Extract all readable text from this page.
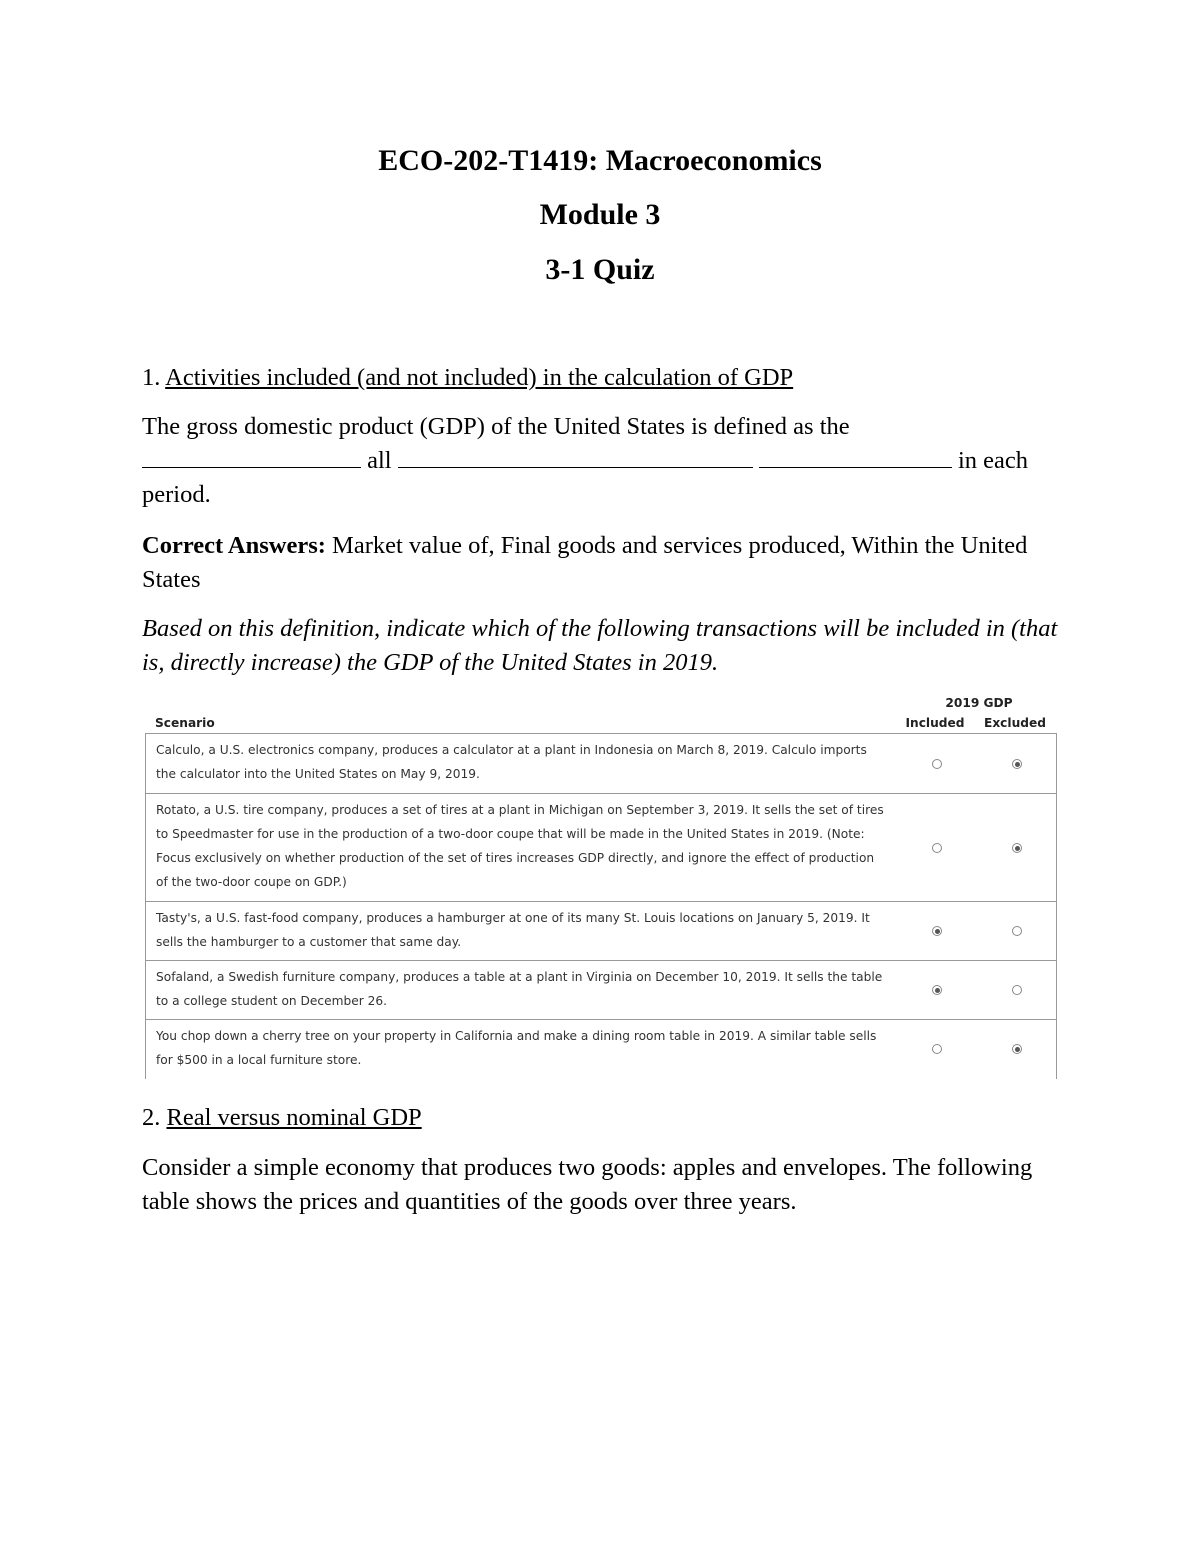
ECO-202-T1419: Macroeconomics
Module 3
3-1 Quiz
1. Activities included (and not included) in the calculation of GDP
The gross domestic product (GDP) of the United States is defined as the
all	in each period.
Correct Answers: Market value of, Final goods and services produced, Within the United States
Based on this definition, indicate which of the following transactions will be included in (that is, directly increase) the GDP of the United States in 2019.
Scenario
2019 GDP
Included	Excluded
Calculo, a U.S. electronics company, produces a calculator at a plant in Indonesia on March 8, 2019. Calculo imports the calculator into the United States on May 9, 2019.
Rotato, a U.S. tire company, produces a set of tires at a plant in Michigan on September 3, 2019. It sells the set of tires to Speedmaster for use in the production of a two-door coupe that will be made in the United States in 2019. (Note: Focus exclusively on whether production of the set of tires increases GDP directly, and ignore the effect of production of the two-door coupe on GDP.)
Tasty's, a U.S. fast-food company, produces a hamburger at one of its many St. Louis locations on January 5, 2019. It sells the hamburger to a customer that same day.
Sofaland, a Swedish furniture company, produces a table at a plant in Virginia on December 10, 2019. It sells the table to a college student on December 26.
You chop down a cherry tree on your property in California and make a dining room table in 2019. A similar table sells for $500 in a local furniture store.
2. Real versus nominal GDP
Consider a simple economy that produces two goods: apples and envelopes. The following table shows the prices and quantities of the goods over three years.
